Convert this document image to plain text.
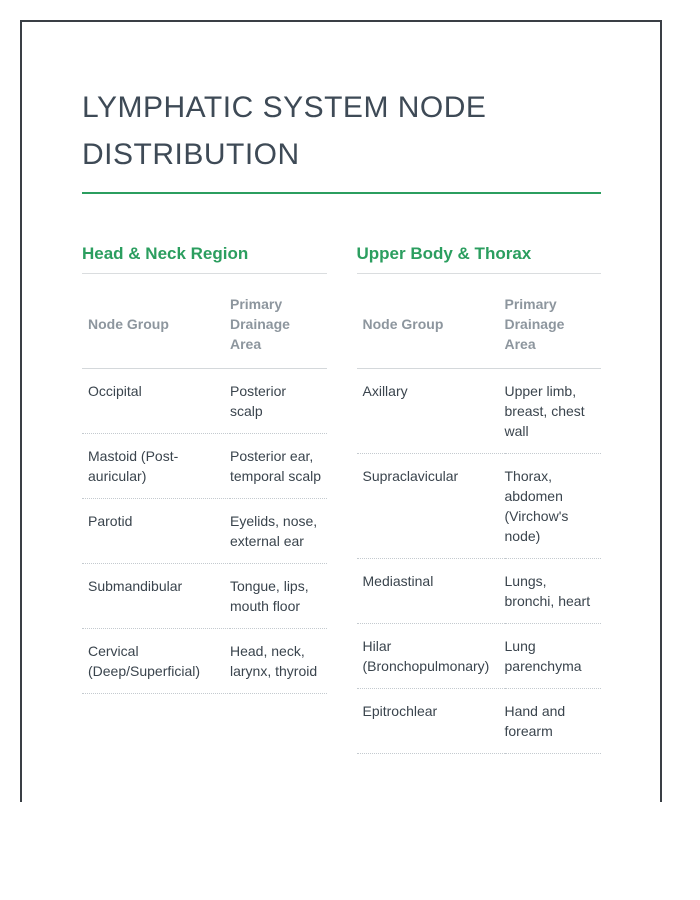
LYMPHATIC SYSTEM NODE
DISTRIBUTION
Head & Neck Region
Node Group	Primary Drainage Area
Occipital	Posterior scalp
Mastoid (Post-auricular)	Posterior ear, temporal scalp
Parotid	Eyelids, nose, external ear
Submandibular	Tongue, lips, mouth floor
Cervical (Deep/Superficial)	Head, neck, larynx, thyroid
Upper Body & Thorax
Node Group	Primary Drainage Area
Axillary	Upper limb, breast, chest wall
Supraclavicular	Thorax, abdomen (Virchow's node)
Mediastinal	Lungs, bronchi, heart
Hilar (Bronchopulmonary)	Lung parenchyma
Epitrochlear	Hand and forearm
